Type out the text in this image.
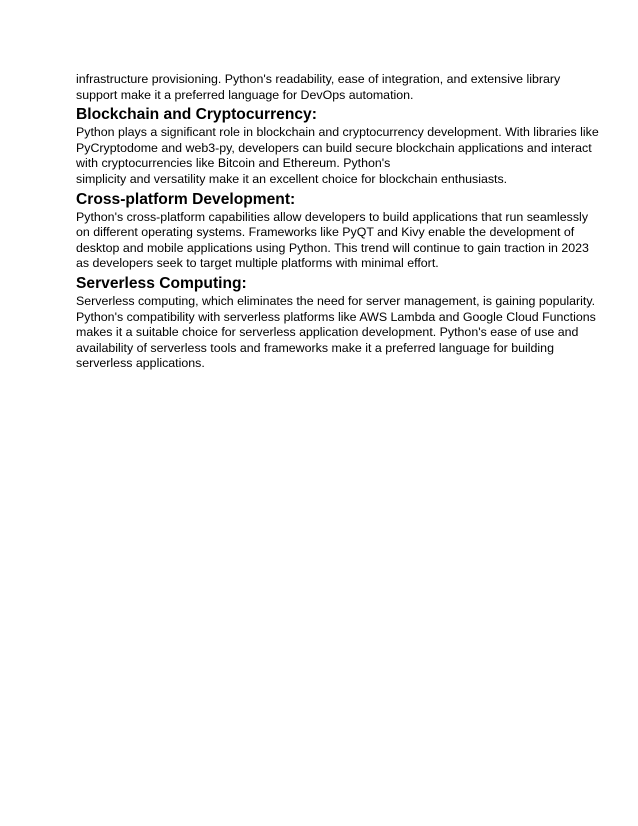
infrastructure provisioning. Python's readability, ease of integration, and extensive library
support make it a preferred language for DevOps automation.

Blockchain and Cryptocurrency:

Python plays a significant role in blockchain and cryptocurrency development. With libraries like
PyCryptodome and web3-py, developers can build secure blockchain applications and interact
with cryptocurrencies like Bitcoin and Ethereum. Python's
simplicity and versatility make it an excellent choice for blockchain enthusiasts.

Cross-platform Development:

Python's cross-platform capabilities allow developers to build applications that run seamlessly
on different operating systems. Frameworks like PyQT and Kivy enable the development of
desktop and mobile applications using Python. This trend will continue to gain traction in 2023
as developers seek to target multiple platforms with minimal effort.

Serverless Computing:

Serverless computing, which eliminates the need for server management, is gaining popularity.
Python's compatibility with serverless platforms like AWS Lambda and Google Cloud Functions
makes it a suitable choice for serverless application development. Python's ease of use and
availability of serverless tools and frameworks make it a preferred language for building
serverless applications.
